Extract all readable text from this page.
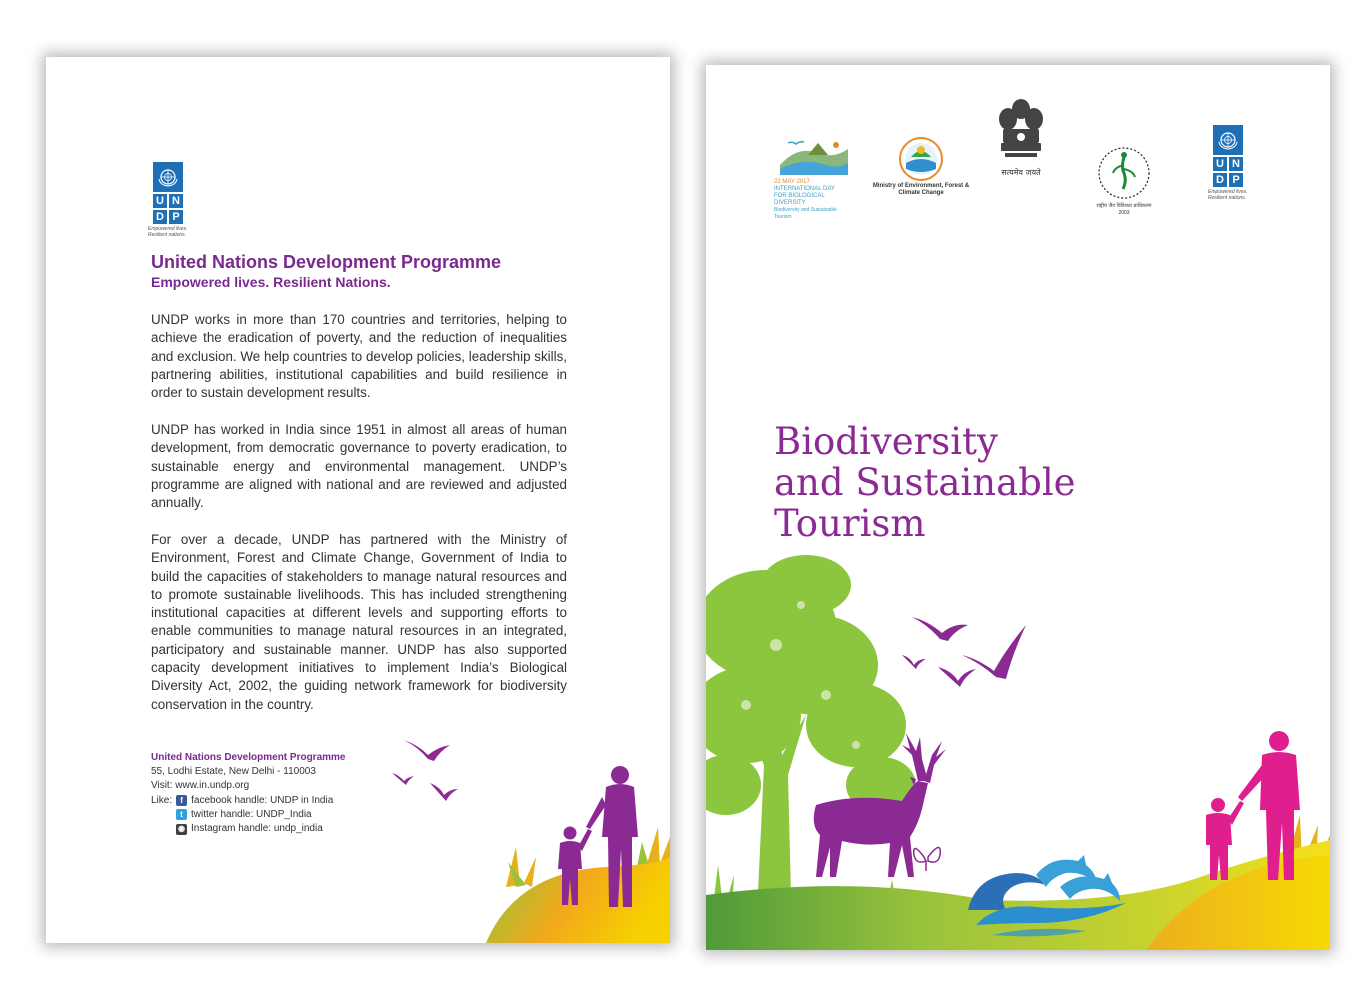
U N
D P
Empowered lives.
Resilient nations.
United Nations Development Programme
Empowered lives. Resilient Nations.

UNDP works in more than 170 countries and territories, helping to achieve the eradication of poverty, and the reduction of inequalities and exclusion. We help countries to develop policies, leadership skills, partnering abilities, institutional capabilities and build resilience in order to sustain development results.

UNDP has worked in India since 1951 in almost all areas of human development, from democratic governance to poverty eradication, to sustainable energy and environmental management. UNDP’s programme are aligned with national and are reviewed and adjusted annually.

For over a decade, UNDP has partnered with the Ministry of Environment, Forest and Climate Change, Government of India to build the capacities of stakeholders to manage natural resources and to promote sustainable livelihoods. This has included strengthening institutional capacities at different levels and supporting efforts to enable communities to manage natural resources in an integrated, participatory and sustainable manner. UNDP has also supported capacity development initiatives to implement India’s Biological Diversity Act, 2002, the guiding network framework for biodiversity conservation in the country.

United Nations Development Programme
55, Lodhi Estate, New Delhi - 110003
Visit: www.in.undp.org
Like:	f facebook handle: UNDP in India
t twitter handle: UNDP_India
◉ Instagram handle: undp_india
22 MAY 2017
INTERNATIONAL DAY
FOR BIOLOGICAL DIVERSITY
Biodiversity and Sustainable Tourism
Ministry of Environment, Forest & Climate Change
सत्यमेव जयते
राष्ट्रीय जैव विविधता प्राधिकरण
2003
U N
D P
Empowered lives.
Resilient nations.
Biodiversity
and Sustainable
Tourism
